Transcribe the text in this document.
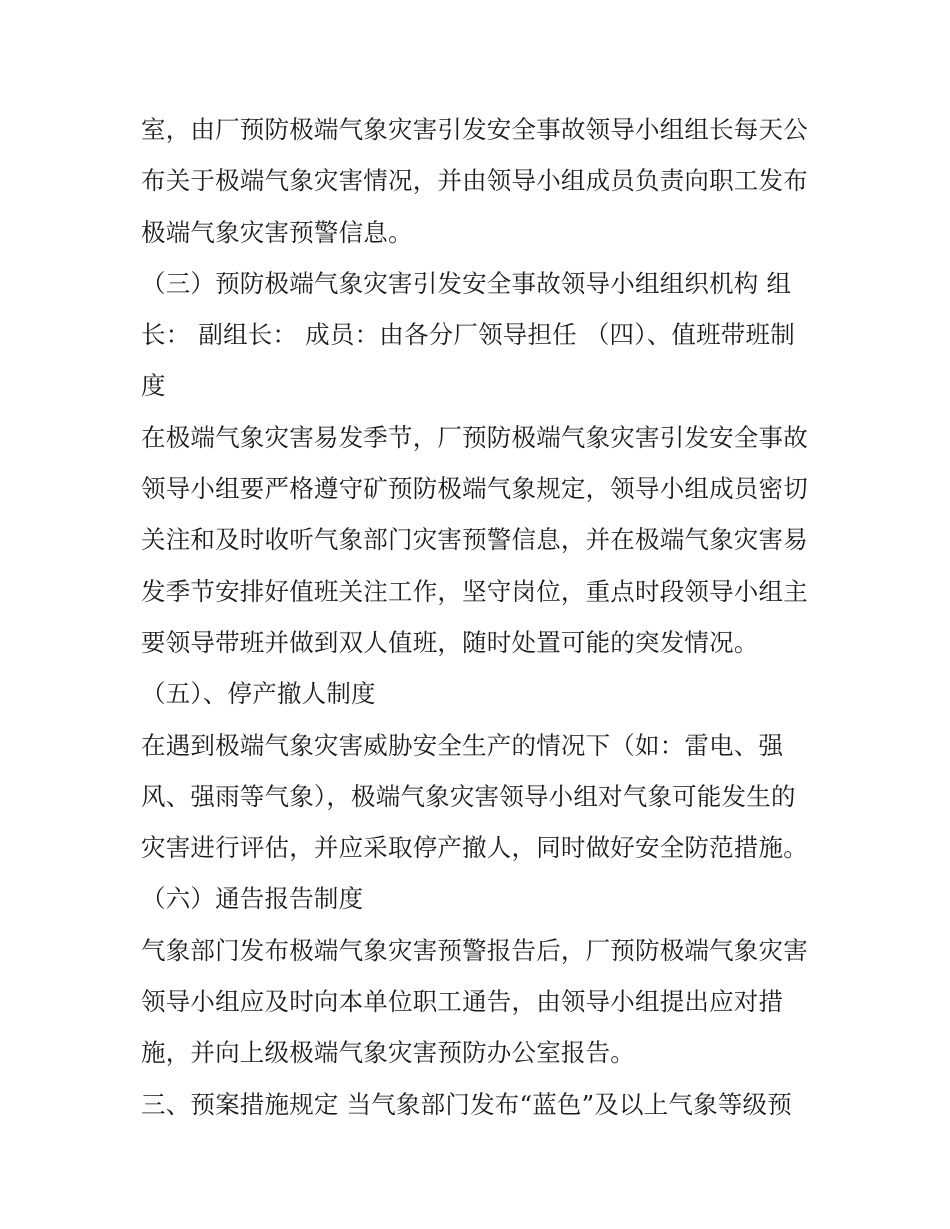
室，由厂预防极端气象灾害引发安全事故领导小组组长每天公
布关于极端气象灾害情况，并由领导小组成员负责向职工发布
极端气象灾害预警信息。
（三）预防极端气象灾害引发安全事故领导小组组织机构 组
长： 副组长： 成员：由各分厂领导担任 （四）、值班带班制
度
在极端气象灾害易发季节，厂预防极端气象灾害引发安全事故
领导小组要严格遵守矿预防极端气象规定，领导小组成员密切
关注和及时收听气象部门灾害预警信息，并在极端气象灾害易
发季节安排好值班关注工作，坚守岗位，重点时段领导小组主
要领导带班并做到双人值班，随时处置可能的突发情况。
（五）、停产撤人制度
在遇到极端气象灾害威胁安全生产的情况下（如：雷电、强
风、强雨等气象），极端气象灾害领导小组对气象可能发生的
灾害进行评估，并应采取停产撤人，同时做好安全防范措施。
（六）通告报告制度
气象部门发布极端气象灾害预警报告后，厂预防极端气象灾害
领导小组应及时向本单位职工通告，由领导小组提出应对措
施，并向上级极端气象灾害预防办公室报告。
三、预案措施规定 当气象部门发布“蓝色”及以上气象等级预
